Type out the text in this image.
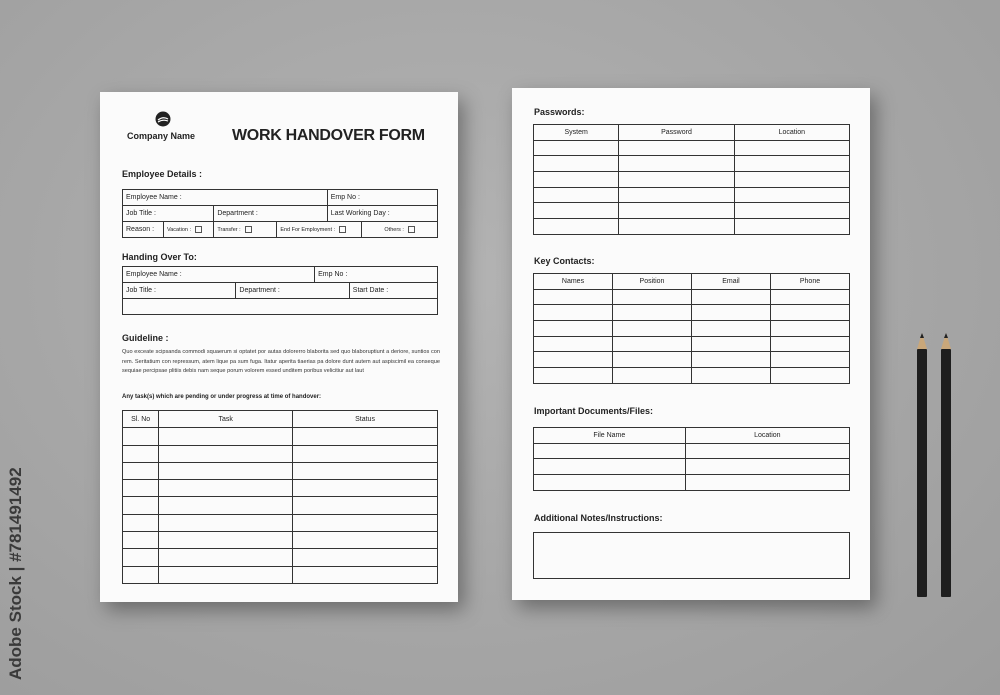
Adobe Stock | #781491492
Company Name WORK HANDOVER FORM
Employee Details :
Employee Name :				Emp No :	
Job Title :		Department :		Last Working Day :	
Reason :	Vacation :	Transfer :	End For Employment :		Others :
Handing Over To:
Employee Name :		Emp No :	
Job Title :	Department :		Start Date :

Guideline :
Quo exceate scipsanda commodi squaerum si optatet por autas dolorerro blaborita sed quo blaboruptiunt a deriore, suntios con rem. Seritatium con repressum, atem lique pa sum fuga. Itatur aperita tiaerias pa dolore dunt autem aut aspiscimil ea conseque sequiae percipsae plitiis debis nam seque porum volorem essed unditem poribus velicitiur aut laut
Any task(s) which are pending or under progress at time of handover:
Sl. No	Task	Status

Passwords:
System	Password	Location

Key Contacts:
Names	Position	Email	Phone

Important Documents/Files:
File Name	Location

Additional Notes/Instructions:
